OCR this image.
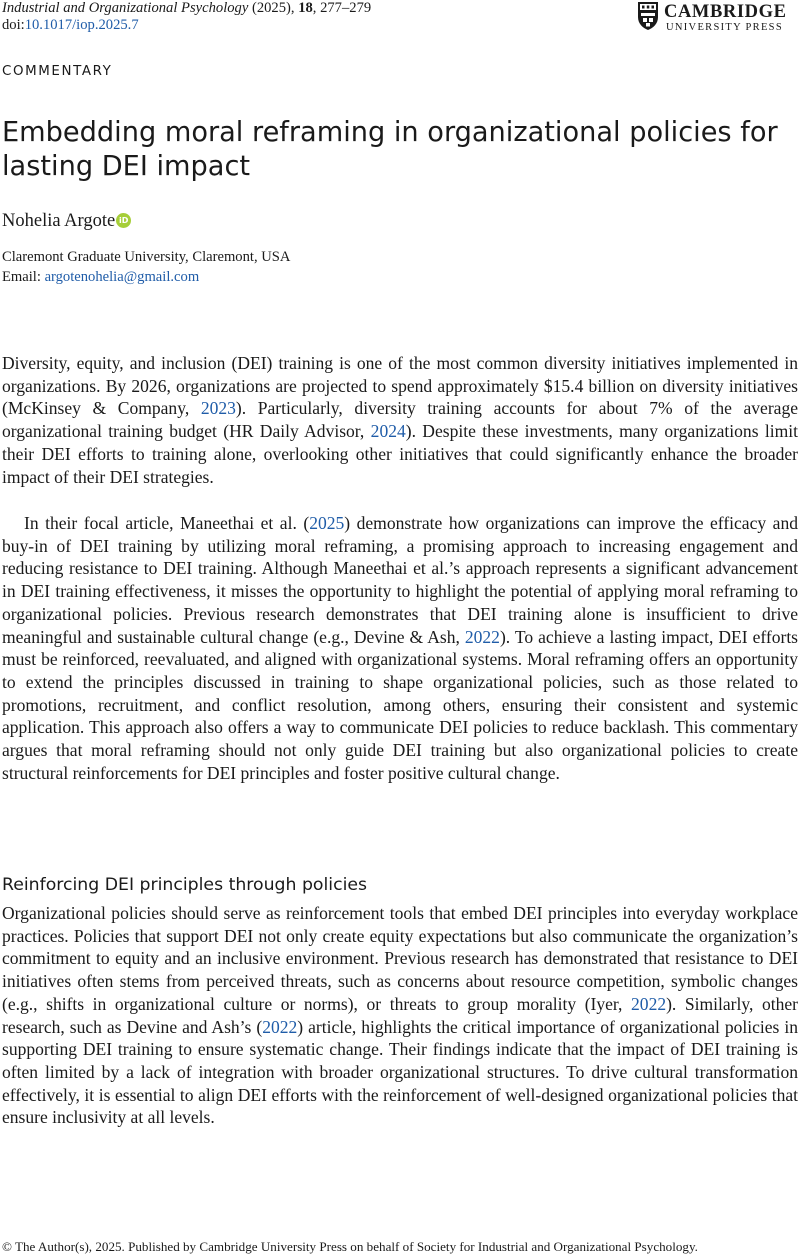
Industrial and Organizational Psychology (2025), 18, 277–279
doi:10.1017/iop.2025.7
CAMBRIDGE
UNIVERSITY PRESS
COMMENTARY
Embedding moral reframing in organizational policies for lasting DEI impact
Nohelia Argote iD
Claremont Graduate University, Claremont, USA
Email: argotenohelia@gmail.com

Diversity, equity, and inclusion (DEI) training is one of the most common diversity initiatives implemented in organizations. By 2026, organizations are projected to spend approximately $15.4 billion on diversity initiatives (McKinsey & Company, 2023). Particularly, diversity training accounts for about 7% of the average organizational training budget (HR Daily Advisor, 2024). Despite these investments, many organizations limit their DEI efforts to training alone, overlooking other initiatives that could significantly enhance the broader impact of their DEI strategies.

In their focal article, Maneethai et al. (2025) demonstrate how organizations can improve the efficacy and buy-in of DEI training by utilizing moral reframing, a promising approach to increasing engagement and reducing resistance to DEI training. Although Maneethai et al.’s approach represents a significant advancement in DEI training effectiveness, it misses the opportunity to highlight the potential of applying moral reframing to organizational policies. Previous research demonstrates that DEI training alone is insufficient to drive meaningful and sustainable cultural change (e.g., Devine & Ash, 2022). To achieve a lasting impact, DEI efforts must be reinforced, reevaluated, and aligned with organizational systems. Moral reframing offers an opportunity to extend the principles discussed in training to shape organizational policies, such as those related to promotions, recruitment, and conflict resolution, among others, ensuring their consistent and systemic application. This approach also offers a way to communicate DEI policies to reduce backlash. This commentary argues that moral reframing should not only guide DEI training but also organizational policies to create structural reinforcements for DEI principles and foster positive cultural change.

Reinforcing DEI principles through policies

Organizational policies should serve as reinforcement tools that embed DEI principles into everyday workplace practices. Policies that support DEI not only create equity expectations but also communicate the organization’s commitment to equity and an inclusive environment. Previous research has demonstrated that resistance to DEI initiatives often stems from perceived threats, such as concerns about resource competition, symbolic changes (e.g., shifts in organizational culture or norms), or threats to group morality (Iyer, 2022). Similarly, other research, such as Devine and Ash’s (2022) article, highlights the critical importance of organizational policies in supporting DEI training to ensure systematic change. Their findings indicate that the impact of DEI training is often limited by a lack of integration with broader organizational structures. To drive cultural transformation effectively, it is essential to align DEI efforts with the reinforcement of well-designed organizational policies that ensure inclusivity at all levels.

© The Author(s), 2025. Published by Cambridge University Press on behalf of Society for Industrial and Organizational Psychology.
